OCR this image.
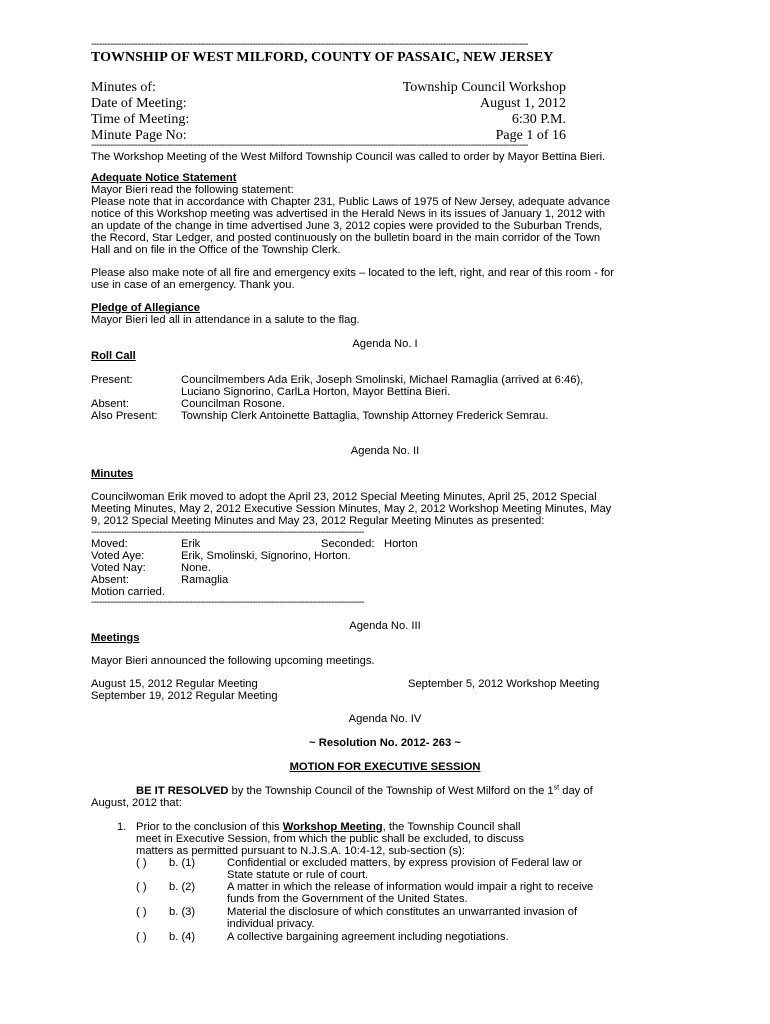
----------------------------------------------------------------------------------------------------------------------------------------------------------------
TOWNSHIP OF WEST MILFORD, COUNTY OF PASSAIC, NEW JERSEY
Minutes of:	Township Council Workshop
Date of Meeting:	August 1, 2012
Time of Meeting:	6:30 P.M.
Minute Page No:	Page 1 of 16
----------------------------------------------------------------------------------------------------------------------------------------------------------------
The Workshop Meeting of the West Milford Township Council was called to order by Mayor Bettina Bieri.
Adequate Notice Statement
Mayor Bieri read the following statement:
Please note that in accordance with Chapter 231, Public Laws of 1975 of New Jersey, adequate advance
notice of this Workshop meeting was advertised in the Herald News in its issues of January 1, 2012 with
an update of the change in time advertised June 3, 2012 copies were provided to the Suburban Trends,
the Record, Star Ledger, and posted continuously on the bulletin board in the main corridor of the Town
Hall and on file in the Office of the Township Clerk.
Please also make note of all fire and emergency exits – located to the left, right, and rear of this room - for
use in case of an emergency. Thank you.
Pledge of Allegiance
Mayor Bieri led all in attendance in a salute to the flag.
Agenda No. I
Roll Call
Present:	Councilmembers Ada Erik, Joseph Smolinski, Michael Ramaglia (arrived at 6:46),
Luciano Signorino, CarlLa Horton, Mayor Bettina Bieri.
Absent:	Councilman Rosone.
Also Present: Township Clerk Antoinette Battaglia, Township Attorney Frederick Semrau.
Agenda No. II
Minutes
Councilwoman Erik moved to adopt the April 23, 2012 Special Meeting Minutes, April 25, 2012 Special
Meeting Minutes, May 2, 2012 Executive Session Minutes, May 2, 2012 Workshop Meeting Minutes, May
9, 2012 Special Meeting Minutes and May 23, 2012 Regular Meeting Minutes as presented:
----------------------------------------------------------------------------------------------------
Moved:	Erik	Seconded: Horton
Voted Aye:	Erik, Smolinski, Signorino, Horton.
Voted Nay:	None.
Absent:	Ramaglia
Motion carried.
----------------------------------------------------------------------------------------------------
Agenda No. III
Meetings
Mayor Bieri announced the following upcoming meetings.
August 15, 2012 Regular Meeting	September 5, 2012 Workshop Meeting
September 19, 2012 Regular Meeting
Agenda No. IV
~ Resolution No. 2012- 263 ~
MOTION FOR EXECUTIVE SESSION
BE IT RESOLVED by the Township Council of the Township of West Milford on the 1st day of
August, 2012 that:
1. Prior to the conclusion of this Workshop Meeting, the Township Council shall
meet in Executive Session, from which the public shall be excluded, to discuss
matters as permitted pursuant to N.J.S.A. 10:4-12, sub-section (s):
( ) b. (1)	Confidential or excluded matters, by express provision of Federal law or
State statute or rule of court.
( ) b. (2)	A matter in which the release of information would impair a right to receive
funds from the Government of the United States.
( ) b. (3)	Material the disclosure of which constitutes an unwarranted invasion of
individual privacy.
( ) b. (4)	A collective bargaining agreement including negotiations.
